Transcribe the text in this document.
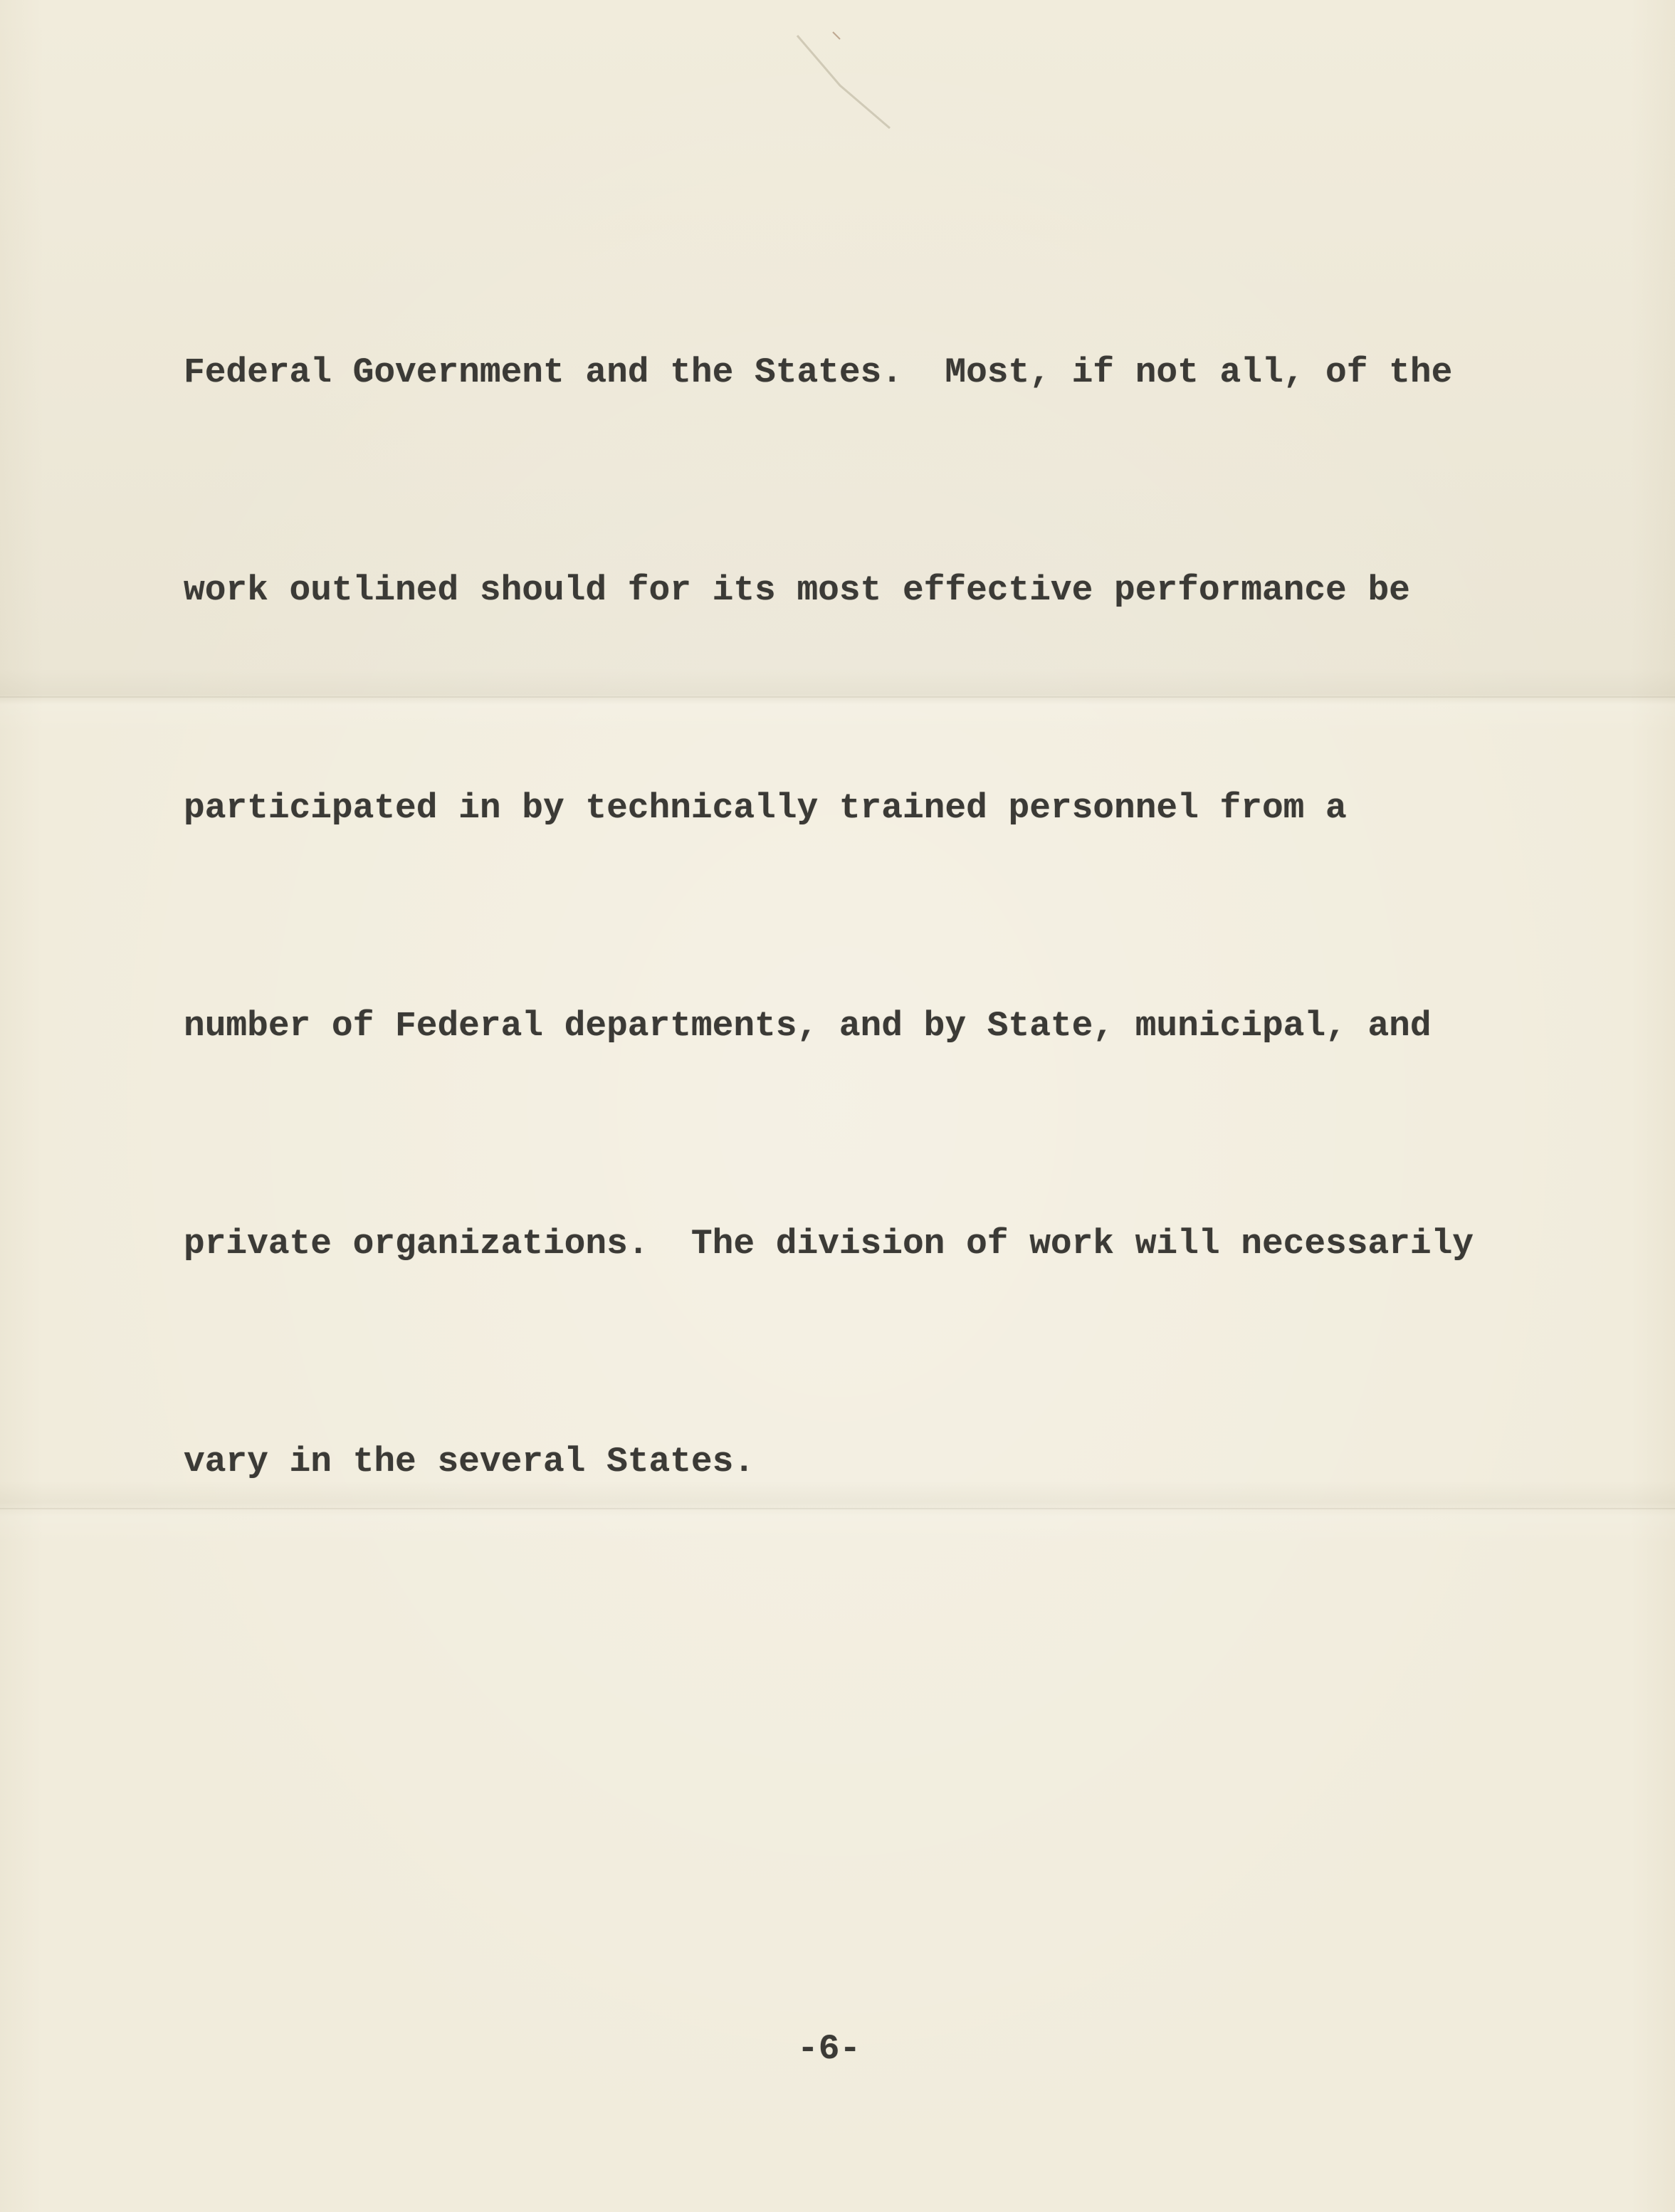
Federal Government and the States.  Most, if not all, of the

work outlined should for its most effective performance be

participated in by technically trained personnel from a

number of Federal departments, and by State, municipal, and

private organizations.  The division of work will necessarily

vary in the several States.

-6-
